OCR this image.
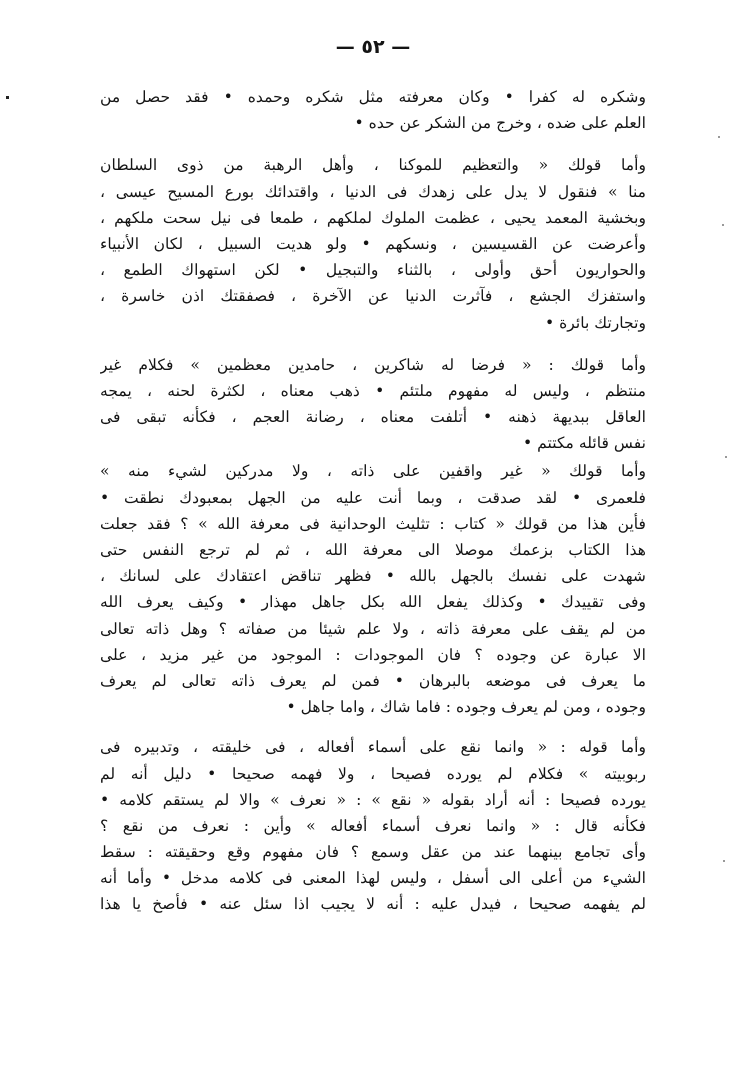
— ٥٢ —
وشكره له كفرا • وكان معرفته مثل شكره وحمده • فقد حصل من
العلم على ضده ، وخرج من الشكر عن حده •
وأما قولك « والتعظيم للموكنا ، وأهل الرهبة من ذوى السلطان
منا » فنقول لا يدل على زهدك فى الدنيا ، واقتدائك بورع المسيح عيسى ،
وبخشية المعمد يحيى ، عظمت الملوك لملكهم ، طمعا فى نيل سحت ملكهم ،
وأعرضت عن القسيسين ، ونسكهم • ولو هديت السبيل ، لكان الأنبياء
والحواريون أحق وأولى ، بالثناء والتبجيل • لكن استهواك الطمع ،
واستفزك الجشع ، فآثرت الدنيا عن الآخرة ، فصفقتك اذن خاسرة ،
وتجارتك بائرة •
وأما قولك : « فرضا له شاكرين ، حامدين معظمين » فكلام غير
منتظم ، وليس له مفهوم ملتئم • ذهب معناه ، لكثرة لحنه ، يمجه
العاقل ببديهة ذهنه • أتلفت معناه ، رضانة العجم ، فكأنه تبقى فى
نفس قائله مكتتم •
وأما قولك « غير واقفين على ذاته ، ولا مدركين لشيء منه »
فلعمرى • لقد صدقت ، وبما أنت عليه من الجهل بمعبودك نطقت •
فأين هذا من قولك « كتاب : تثليث الوحدانية فى معرفة الله » ؟ فقد جعلت
هذا الكتاب بزعمك موصلا الى معرفة الله ، ثم لم ترجع النفس حتى
شهدت على نفسك بالجهل بالله • فظهر تناقض اعتقادك على لسانك ،
وفى تقييدك • وكذلك يفعل الله بكل جاهل مهذار • وكيف يعرف الله
من لم يقف على معرفة ذاته ، ولا علم شيئا من صفاته ؟ وهل ذاته تعالى
الا عبارة عن وجوده ؟ فان الموجودات : الموجود من غير مزيد ، على
ما يعرف فى موضعه بالبرهان • فمن لم يعرف ذاته تعالى لم يعرف
وجوده ، ومن لم يعرف وجوده : فاما شاك ، واما جاهل •
وأما قوله : « وانما نقع على أسماء أفعاله ، فى خليقته ، وتدبيره فى
ربوبيته » فكلام لم يورده فصيحا ، ولا فهمه صحيحا • دليل أنه لم
يورده فصيحا : أنه أراد بقوله « نقع » : « نعرف » والا لم يستقم كلامه •
فكأنه قال : « وانما نعرف أسماء أفعاله » وأين : نعرف من نقع ؟
وأى تجامع بينهما عند من عقل وسمع ؟ فان مفهوم وقع وحقيقته : سقط
الشيء من أعلى الى أسفل ، وليس لهذا المعنى فى كلامه مدخل • وأما أنه
لم يفهمه صحيحا ، فيدل عليه : أنه لا يجيب اذا سئل عنه • فأصخ يا هذا
